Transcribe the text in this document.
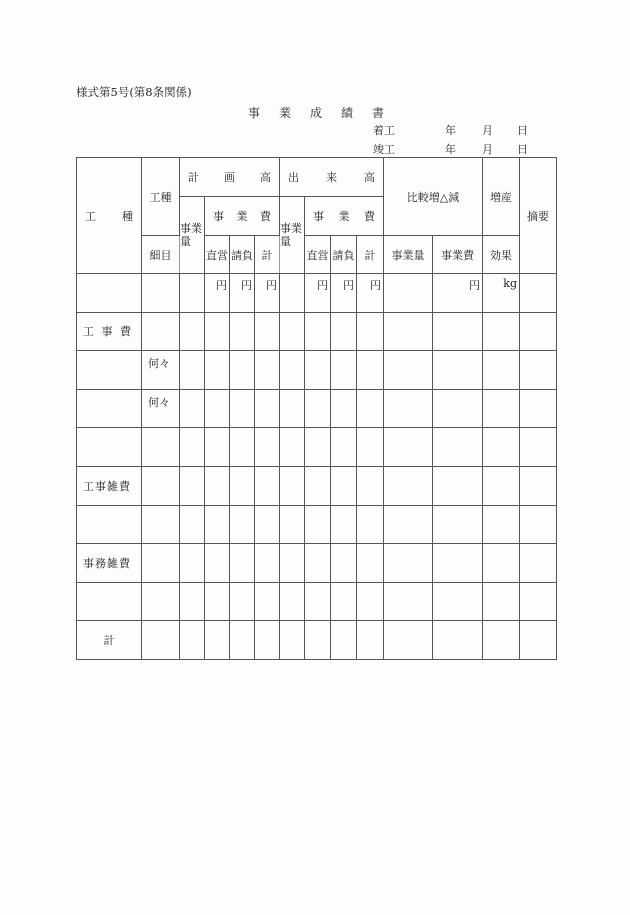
様式第5号(第8条関係)
事業成績書
着工	年 月 日
竣工	年 月 日
工 種	工種	計 画 高				出 来 高				比較増△減		増産	摘要
		事業量	事 業 費			事業量	事 業 費						

	細目		直営	請負	計		直営	請負	計	事業量	事業費	効果	
			円	円	円		円	円	円		円	kg	
工 事 費													
	何々												
	何々												

工事雑費													

事務雑費													

計													
